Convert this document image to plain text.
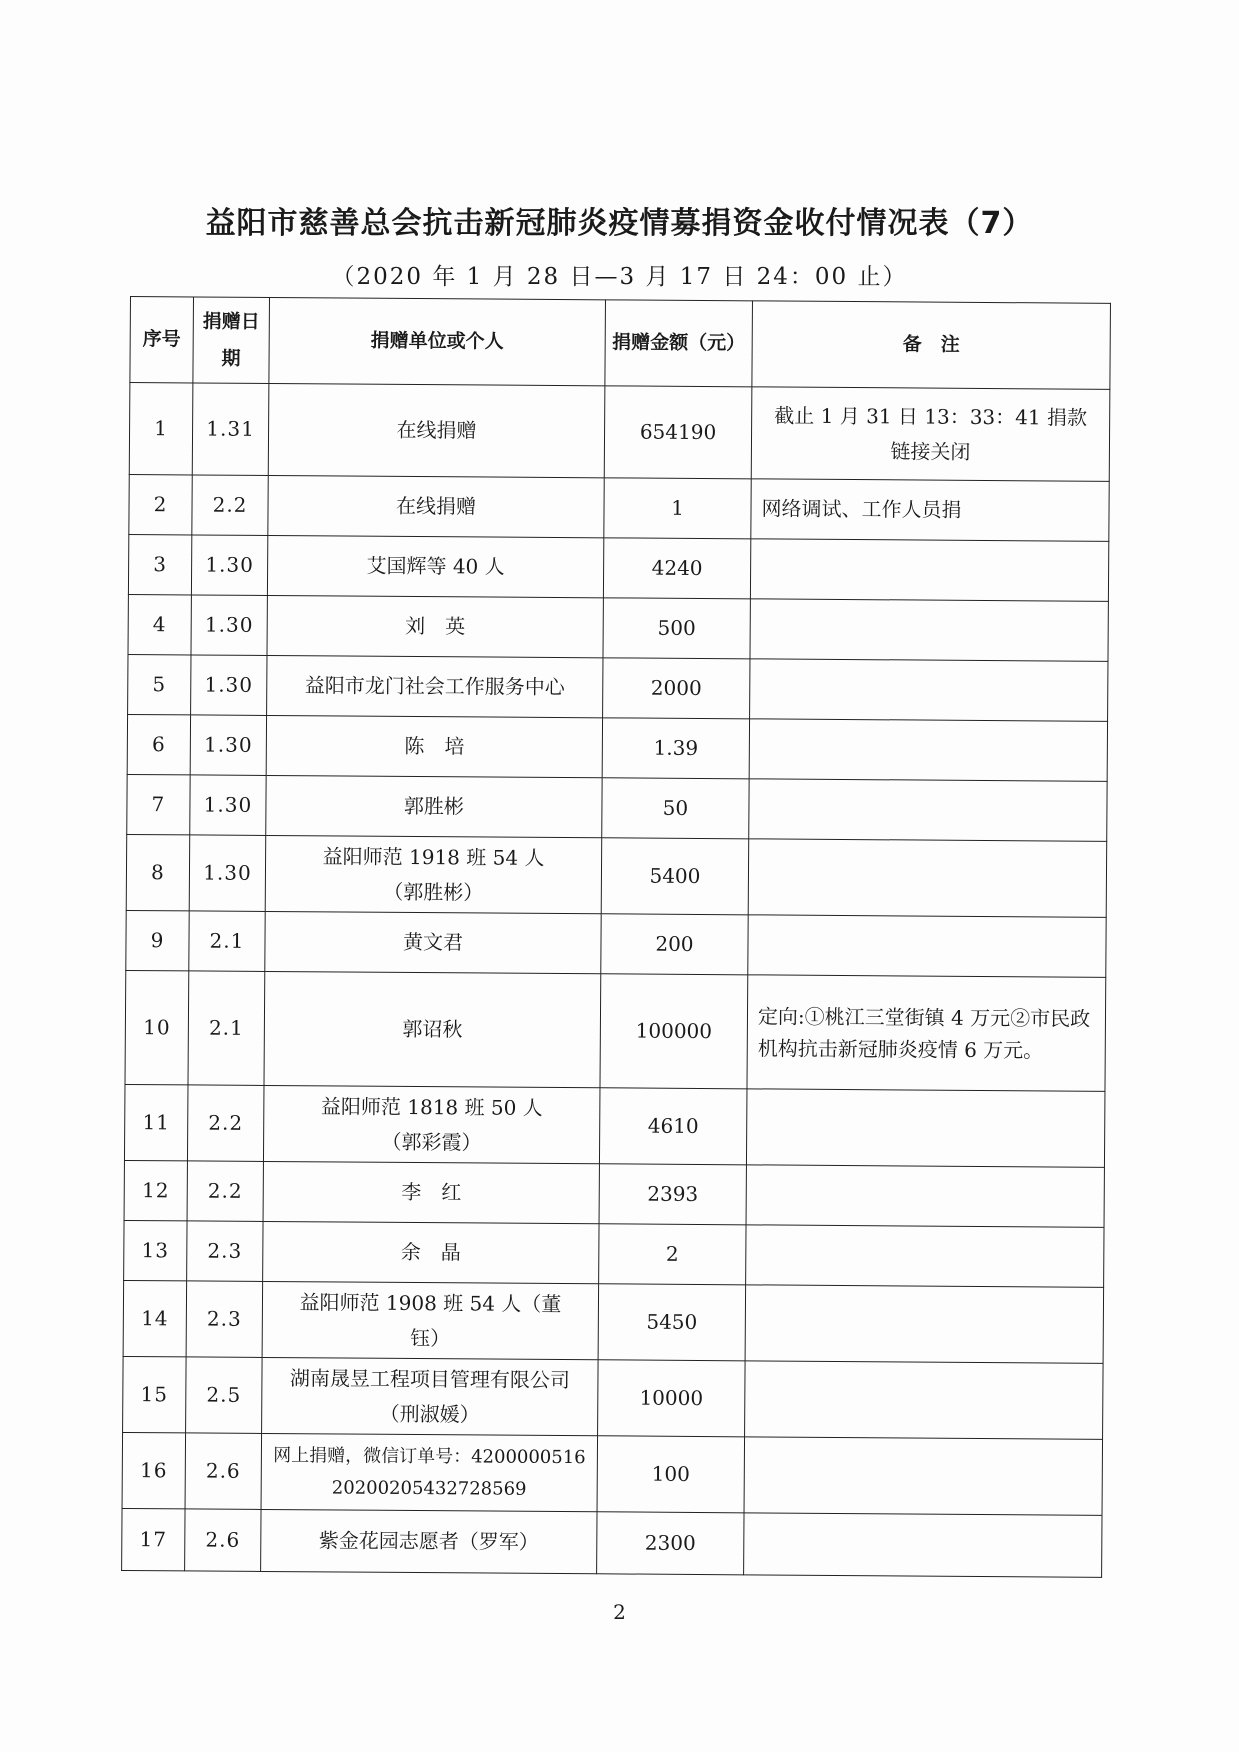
益阳市慈善总会抗击新冠肺炎疫情募捐资金收付情况表（7）
（2020 年 1 月 28 日—3 月 17 日 24：00 止）
序号	捐赠日期	捐赠单位或个人	捐赠金额（元）	备　注
1	1.31	在线捐赠	654190	截止 1 月 31 日 13：33：41 捐款链接关闭
2	2.2	在线捐赠	1	网络调试、工作人员捐
3	1.30	艾国辉等 40 人	4240	
4	1.30	刘　英	500	
5	1.30	益阳市龙门社会工作服务中心	2000	
6	1.30	陈　培	1.39	
7	1.30	郭胜彬	50	
8	1.30	益阳师范 1918 班 54 人（郭胜彬）	5400	
9	2.1	黄文君	200	
10	2.1	郭诏秋	100000	定向:①桃江三堂街镇 4 万元②市民政机构抗击新冠肺炎疫情 6 万元。
11	2.2	益阳师范 1818 班 50 人（郭彩霞）	4610	
12	2.2	李　红	2393	
13	2.3	余　晶	2	
14	2.3	益阳师范 1908 班 54 人（董钰）	5450	
15	2.5	湖南晟昱工程项目管理有限公司（刑淑媛）	10000	
16	2.6	网上捐赠，微信订单号：4200000516202002054327​28569	100	
17	2.6	紫金花园志愿者（罗军）	2300	
2
